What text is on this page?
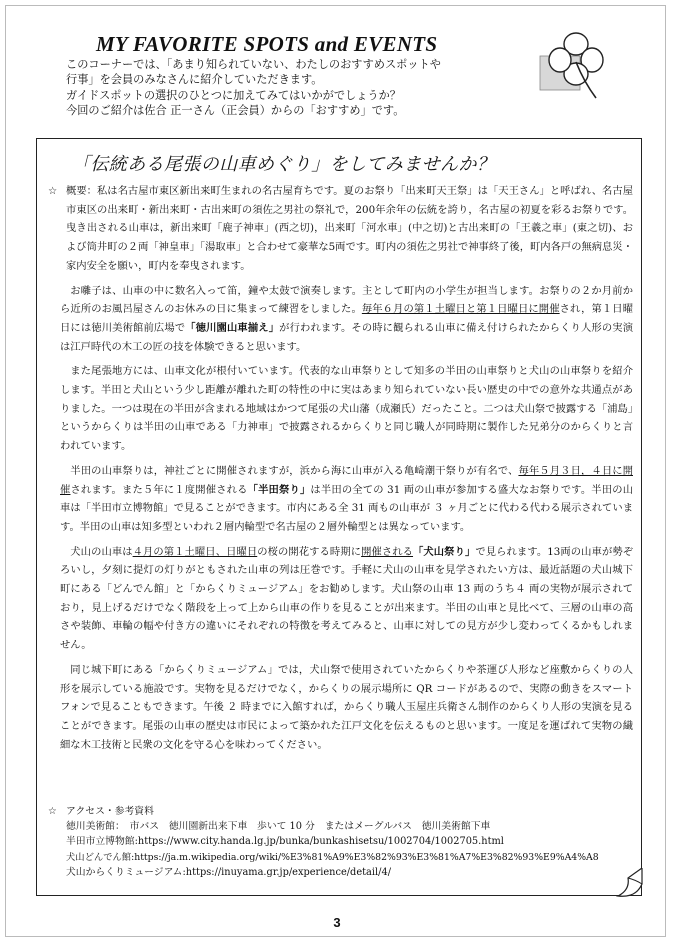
MY FAVORITE SPOTS and EVENTS
このコーナーでは、「あまり知られていない、わたしのおすすめスポットや
行事」を会員のみなさんに紹介していただきます。
ガイドスポットの選択のひとつに加えてみてはいかがでしょうか？
今回のご紹介は佐合 正一さん（正会員）からの「おすすめ」です。
「伝統ある尾張の山車めぐり」をしてみませんか？

☆ 概要：私は名古屋市東区新出来町生まれの名古屋育ちです。夏のお祭り「出来町天王祭」は「天王さん」と呼ばれ、名古屋市東区の出来町・新出来町・古出来町の須佐之男社の祭礼で，200年余年の伝統を誇り，名古屋の初夏を彩るお祭りです。曳き出される山車は，新出来町「鹿子神車」(西之切)，出来町「河水車」(中之切)と古出来町の「王羲之車」(東之切)、および筒井町の２両「神皇車」「湯取車」と合わせて豪華な5両です。町内の須佐之男社で神事終了後，町内各戸の無病息災・家内安全を願い，町内を奉曳されます。

お囃子は、山車の中に数名入って笛，鐘や太鼓で演奏します。主として町内の小学生が担当します。お祭りの２か月前から近所のお風呂屋さんのお休みの日に集まって練習をしました。毎年６月の第１土曜日と第１日曜日に開催され，第１日曜日には徳川美術館前広場で「徳川園山車揃え」が行われます。その時に観られる山車に備え付けられたからくり人形の実演は江戸時代の木工の匠の技を体験できると思います。

また尾張地方には、山車文化が根付いています。代表的な山車祭りとして知多の半田の山車祭りと犬山の山車祭りを紹介します。半田と犬山という少し距離が離れた町の特性の中に実はあまり知られていない長い歴史の中での意外な共通点がありました。一つは現在の半田が含まれる地域はかつて尾張の犬山藩（成瀬氏）だったこと。二つは犬山祭で披露する「浦島」というからくりは半田の山車である「力神車」で披露されるからくりと同じ職人が同時期に製作した兄弟分のからくりと言われています。

半田の山車祭りは，神社ごとに開催されますが，浜から海に山車が入る亀崎潮干祭りが有名で、毎年５月３日，４日に開催されます。また５年に１度開催される「半田祭り」は半田の全ての 31 両の山車が参加する盛大なお祭りです。半田の山車は「半田市立博物館」で見ることができます。市内にある全 31 両もの山車が ３ ヶ月ごとに代わる代わる展示されています。半田の山車は知多型といわれ２層内輪型で名古屋の２層外輪型とは異なっています。

犬山の山車は４月の第１土曜日、日曜日の桜の開花する時期に開催される「犬山祭り」で見られます。13両の山車が勢ぞろいし，夕刻に提灯の灯りがともされた山車の列は圧巻です。手軽に犬山の山車を見学されたい方は、最近話題の犬山城下町にある「どんでん館」と「からくりミュージアム」をお勧めします。犬山祭の山車 13 両のうち４ 両の実物が展示されており，見上げるだけでなく階段を上って上から山車の作りを見ることが出来ます。半田の山車と見比べて、三層の山車の高さや装飾、車輪の幅や付き方の違いにそれぞれの特徴を考えてみると、山車に対しての見方が少し変わってくるかもしれません。

同じ城下町にある「からくりミュージアム」では，犬山祭で使用されていたからくりや茶運び人形など座敷からくりの人形を展示している施設です。実物を見るだけでなく，からくりの展示場所に QR コードがあるので、実際の動きをスマートフォンで見ることもできます。午後 ２ 時までに入館すれば，からくり職人玉屋庄兵衛さん制作のからくり人形の実演を見ることができます。尾張の山車の歴史は市民によって築かれた江戸文化を伝えるものと思います。一度足を運ばれて実物の繊細な木工技術と民衆の文化を守る心を味わってください。

☆ アクセス・参考資料
徳川美術館：　市バス　徳川園新出来下車　歩いて 10 分　またはメーグルバス　徳川美術館下車
半田市立博物館:https://www.city.handa.lg.jp/bunka/bunkashisetsu/1002704/1002705.html
犬山どんでん館:https://ja.m.wikipedia.org/wiki/%E3%81%A9%E3%82%93%E3%81%A7%E3%82%93%E9%A4%A8
犬山からくりミュージアム:https://inuyama.gr.jp/experience/detail/4/
3
